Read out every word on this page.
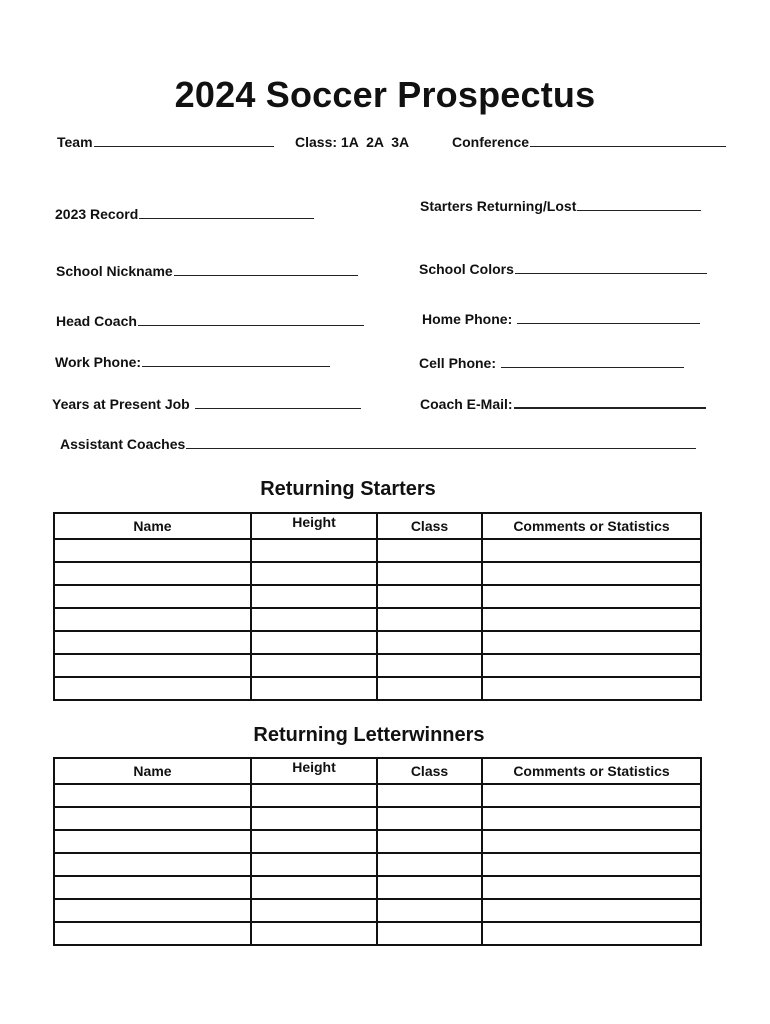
2024 Soccer Prospectus
Team	Class: 1A  2A  3A	Conference
2023 Record	Starters Returning/Lost
School Nickname	School Colors
Head Coach	Home Phone:
Work Phone:	Cell Phone:
Years at Present Job	Coach E-Mail:
Assistant Coaches
Returning Starters
Name	Height	Class	Comments or Statistics

Returning Letterwinners
Name	Height	Class	Comments or Statistics
